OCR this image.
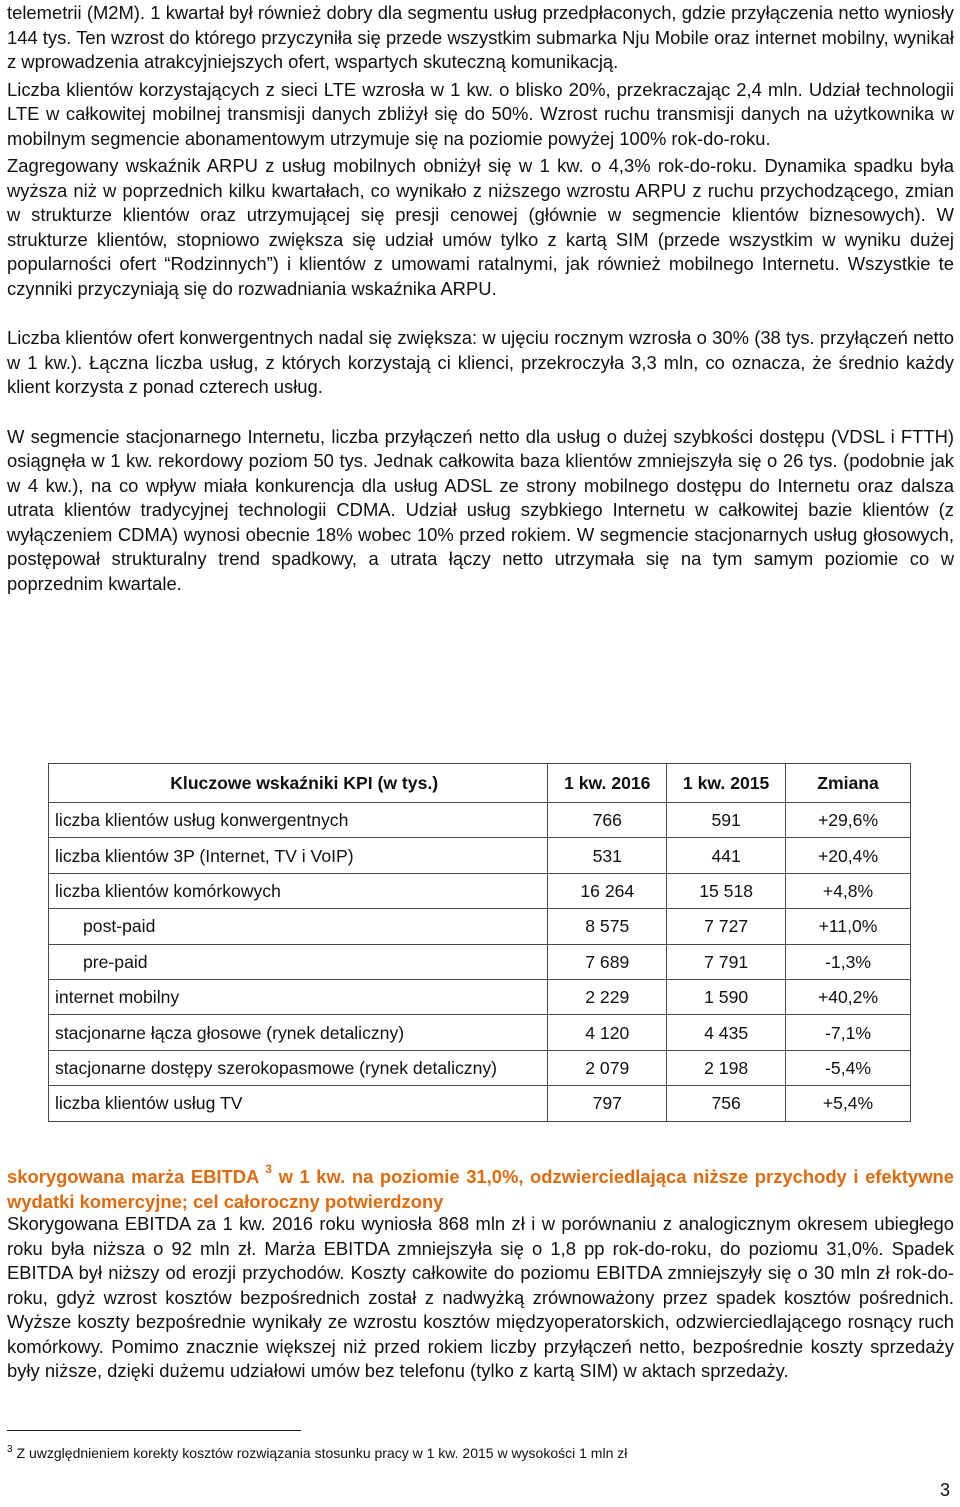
telemetrii (M2M). 1 kwartał był również dobry dla segmentu usług przedpłaconych, gdzie przyłączenia netto wyniosły 144 tys. Ten wzrost do którego przyczyniła się przede wszystkim submarka Nju Mobile oraz internet mobilny, wynikał z wprowadzenia atrakcyjniejszych ofert, wspartych skuteczną komunikacją.

Liczba klientów korzystających z sieci LTE wzrosła w 1 kw. o blisko 20%, przekraczając 2,4 mln. Udział technologii LTE w całkowitej mobilnej transmisji danych zbliżył się do 50%. Wzrost ruchu transmisji danych na użytkownika w mobilnym segmencie abonamentowym utrzymuje się na poziomie powyżej 100% rok-do-roku.

Zagregowany wskaźnik ARPU z usług mobilnych obniżył się w 1 kw. o 4,3% rok-do-roku. Dynamika spadku była wyższa niż w poprzednich kilku kwartałach, co wynikało z niższego wzrostu ARPU z ruchu przychodzącego, zmian w strukturze klientów oraz utrzymującej się presji cenowej (głównie w segmencie klientów biznesowych). W strukturze klientów, stopniowo zwiększa się udział umów tylko z kartą SIM (przede wszystkim w wyniku dużej popularności ofert “Rodzinnych”) i klientów z umowami ratalnymi, jak również mobilnego Internetu. Wszystkie te czynniki przyczyniają się do rozwadniania wskaźnika ARPU.

Liczba klientów ofert konwergentnych nadal się zwiększa: w ujęciu rocznym wzrosła o 30% (38 tys. przyłączeń netto w 1 kw.). Łączna liczba usług, z których korzystają ci klienci, przekroczyła 3,3 mln, co oznacza, że średnio każdy klient korzysta z ponad czterech usług.

W segmencie stacjonarnego Internetu, liczba przyłączeń netto dla usług o dużej szybkości dostępu (VDSL i FTTH) osiągnęła w 1 kw. rekordowy poziom 50 tys. Jednak całkowita baza klientów zmniejszyła się o 26 tys. (podobnie jak w 4 kw.), na co wpływ miała konkurencja dla usług ADSL ze strony mobilnego dostępu do Internetu oraz dalsza utrata klientów tradycyjnej technologii CDMA. Udział usług szybkiego Internetu w całkowitej bazie klientów (z wyłączeniem CDMA) wynosi obecnie 18% wobec 10% przed rokiem. W segmencie stacjonarnych usług głosowych, postępował strukturalny trend spadkowy, a utrata łączy netto utrzymała się na tym samym poziomie co w poprzednim kwartale.

Kluczowe wskaźniki KPI (w tys.)	1 kw. 2016	1 kw. 2015	Zmiana
liczba klientów usług konwergentnych	766	591	+29,6%
liczba klientów 3P (Internet, TV i VoIP)	531	441	+20,4%
liczba klientów komórkowych	16 264	15 518	+4,8%
post-paid	8 575	7 727	+11,0%
pre-paid	7 689	7 791	-1,3%
internet mobilny	2 229	1 590	+40,2%
stacjonarne łącza głosowe (rynek detaliczny)	4 120	4 435	-7,1%
stacjonarne dostępy szerokopasmowe (rynek detaliczny)	2 079	2 198	-5,4%
liczba klientów usług TV	797	756	+5,4%
skorygowana marża EBITDA $^3$ w 1 kw. na poziomie 31,0%, odzwierciedlająca niższe przychody i efektywne wydatki komercyjne; cel całoroczny potwierdzony

Skorygowana EBITDA za 1 kw. 2016 roku wyniosła 868 mln zł i w porównaniu z analogicznym okresem ubiegłego roku była niższa o 92 mln zł. Marża EBITDA zmniejszyła się o 1,8 pp rok-do-roku, do poziomu 31,0%. Spadek EBITDA był niższy od erozji przychodów. Koszty całkowite do poziomu EBITDA zmniejszyły się o 30 mln zł rok-do-roku, gdyż wzrost kosztów bezpośrednich został z nadwyżką zrównoważony przez spadek kosztów pośrednich. Wyższe koszty bezpośrednie wynikały ze wzrostu kosztów międzyoperatorskich, odzwierciedlającego rosnący ruch komórkowy. Pomimo znacznie większej niż przed rokiem liczby przyłączeń netto, bezpośrednie koszty sprzedaży były niższe, dzięki dużemu udziałowi umów bez telefonu (tylko z kartą SIM) w aktach sprzedaży.

$^3$ Z uwzględnieniem korekty kosztów rozwiązania stosunku pracy w 1 kw. 2015 w wysokości 1 mln zł
3
